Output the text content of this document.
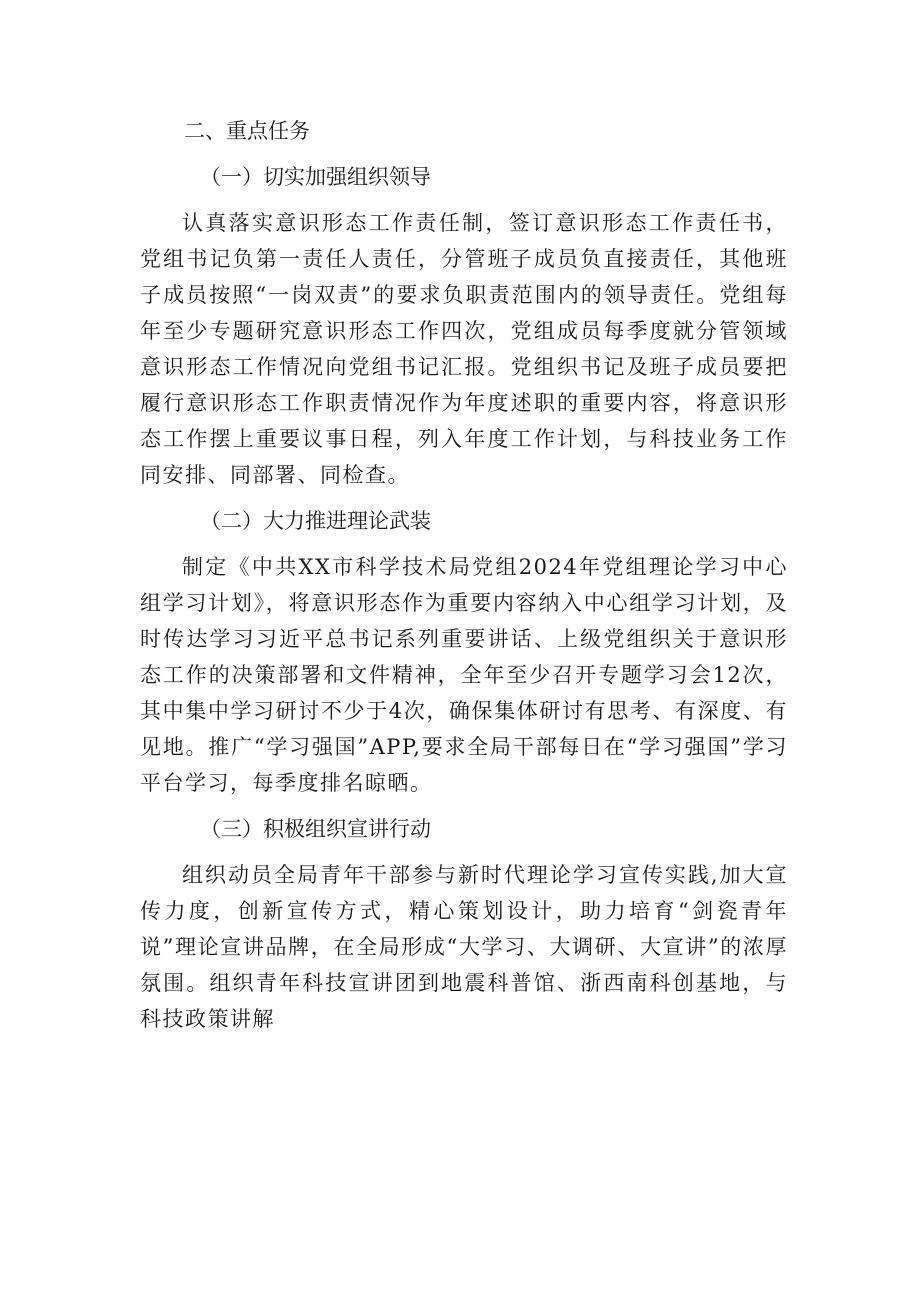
二、重点任务

（一）切实加强组织领导

认真落实意识形态工作责任制，签订意识形态工作责任书，党组书记负第一责任人责任，分管班子成员负直接责任，其他班子成员按照“一岗双责”的要求负职责范围内的领导责任。党组每年至少专题研究意识形态工作四次，党组成员每季度就分管领域意识形态工作情况向党组书记汇报。党组织书记及班子成员要把履行意识形态工作职责情况作为年度述职的重要内容，将意识形态工作摆上重要议事日程，列入年度工作计划，与科技业务工作同安排、同部署、同检查。

（二）大力推进理论武装

制定《中共XX市科学技术局党组2024年党组理论学习中心组学习计划》，将意识形态作为重要内容纳入中心组学习计划，及时传达学习习近平总书记系列重要讲话、上级党组织关于意识形态工作的决策部署和文件精神，全年至少召开专题学习会12次，其中集中学习研讨不少于4次，确保集体研讨有思考、有深度、有见地。推广“学习强国”APP,要求全局干部每日在“学习强国”学习平台学习，每季度排名晾晒。

（三）积极组织宣讲行动

组织动员全局青年干部参与新时代理论学习宣传实践,加大宣传力度，创新宣传方式，精心策划设计，助力培育“剑瓷青年说”理论宣讲品牌，在全局形成“大学习、大调研、大宣讲”的浓厚氛围。组织青年科技宣讲团到地震科普馆、浙西南科创基地，与科技政策讲解
